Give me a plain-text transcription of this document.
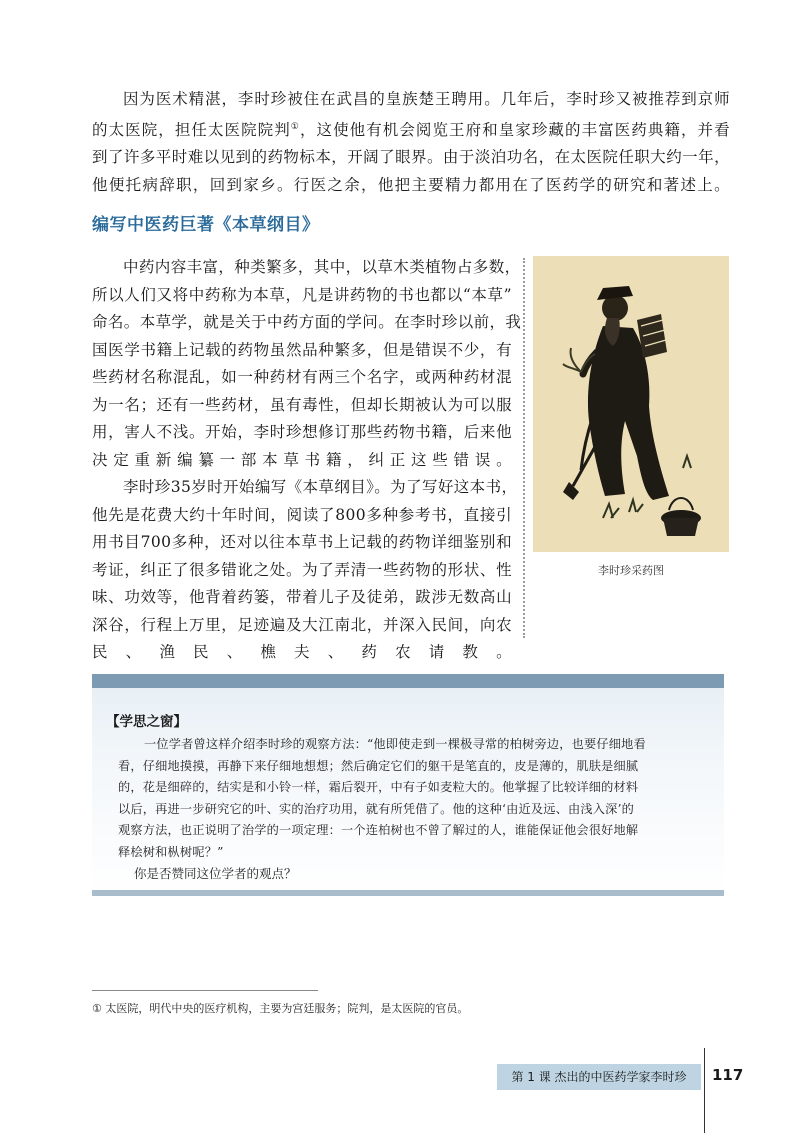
因为医术精湛，李时珍被住在武昌的皇族楚王聘用。几年后，李时珍又被推荐到京师
的太医院，担任太医院院判①，这使他有机会阅览王府和皇家珍藏的丰富医药典籍，并看
到了许多平时难以见到的药物标本，开阔了眼界。由于淡泊功名，在太医院任职大约一年，
他便托病辞职，回到家乡。行医之余，他把主要精力都用在了医药学的研究和著述上。

编写中医药巨著《本草纲目》

中药内容丰富，种类繁多，其中，以草木类植物占多数，
所以人们又将中药称为本草，凡是讲药物的书也都以“本草”
命名。本草学，就是关于中药方面的学问。在李时珍以前，我
国医学书籍上记载的药物虽然品种繁多，但是错误不少，有
些药材名称混乱，如一种药材有两三个名字，或两种药材混
为一名；还有一些药材，虽有毒性，但却长期被认为可以服
用，害人不浅。开始，李时珍想修订那些药物书籍，后来他
决定重新编纂一部本草书籍，纠正这些错误。

李时珍35岁时开始编写《本草纲目》。为了写好这本书，
他先是花费大约十年时间，阅读了800多种参考书，直接引
用书目700多种，还对以往本草书上记载的药物详细鉴别和
考证，纠正了很多错讹之处。为了弄清一些药物的形状、性
味、功效等，他背着药篓，带着儿子及徒弟，跋涉无数高山
深谷，行程上万里，足迹遍及大江南北，并深入民间，向农
民、渔民、樵夫、药农请教。

李时珍采药图
【学思之窗】

一位学者曾这样介绍李时珍的观察方法：“他即使走到一棵极寻常的柏树旁边，也要仔细地看
看，仔细地摸摸，再静下来仔细地想想；然后确定它们的躯干是笔直的，皮是薄的，肌肤是细腻
的，花是细碎的，结实是和小铃一样，霜后裂开，中有子如麦粒大的。他掌握了比较详细的材料
以后，再进一步研究它的叶、实的治疗功用，就有所凭借了。他的这种‘由近及远、由浅入深’的
观察方法，也正说明了治学的一项定理：一个连柏树也不曾了解过的人，谁能保证他会很好地解
释桧树和枞树呢？”

你是否赞同这位学者的观点？

① 太医院，明代中央的医疗机构，主要为宫廷服务；院判，是太医院的官员。

第 1 课 杰出的中医药学家李时珍	117
